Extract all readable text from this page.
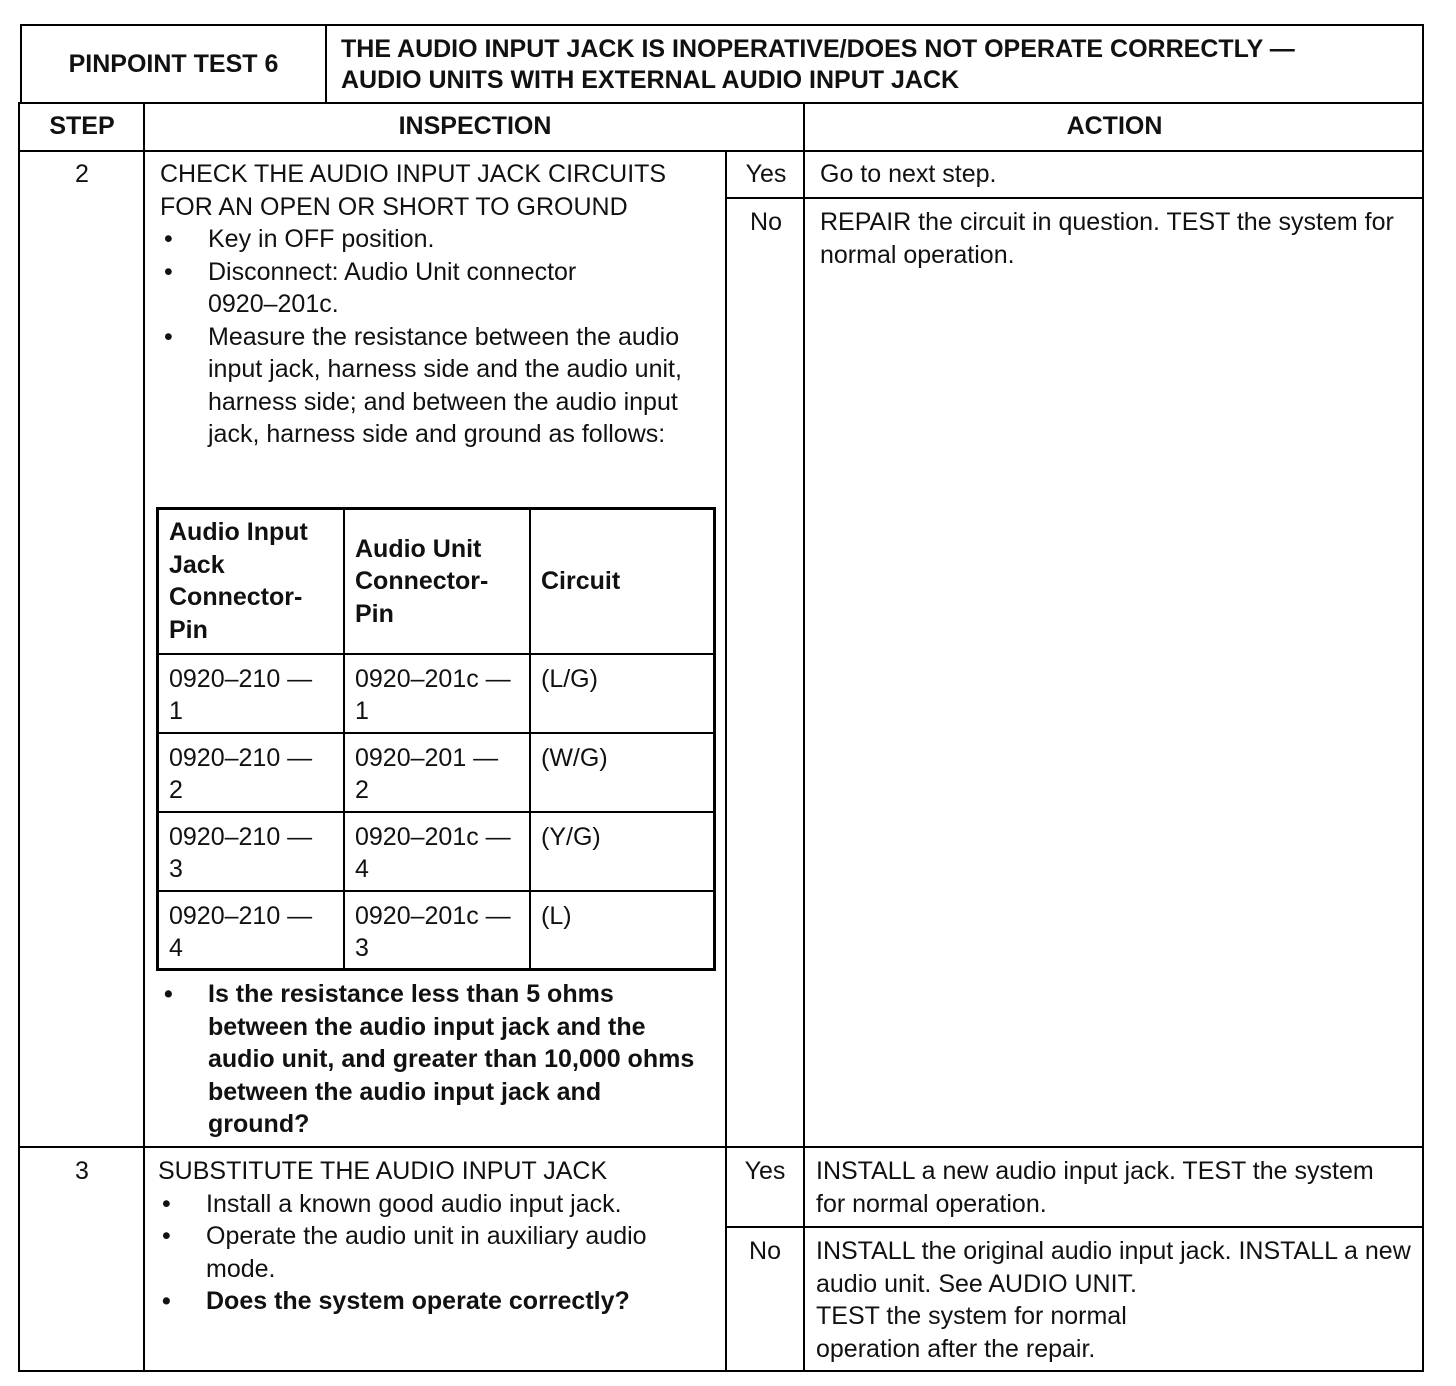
PINPOINT TEST 6
THE AUDIO INPUT JACK IS INOPERATIVE/DOES NOT OPERATE CORRECTLY —
AUDIO UNITS WITH EXTERNAL AUDIO INPUT JACK
STEP	INSPECTION	ACTION
2	CHECK THE AUDIO INPUT JACK CIRCUITS
FOR AN OPEN OR SHORT TO GROUND
• Key in OFF position.
• Disconnect: Audio Unit connector 0920–201c.
• Measure the resistance between the audio input jack, harness side and the audio unit, harness side; and between the audio input jack, harness side and ground as follows:
Audio Input Jack Connector-Pin	Audio Unit Connector-Pin	Circuit
0920–210 — 1	0920–201c — 1	(L/G)
0920–210 — 2	0920–201 — 2	(W/G)
0920–210 — 3	0920–201c — 4	(Y/G)
0920–210 — 4	0920–201c — 3	(L)
• Is the resistance less than 5 ohms between the audio input jack and the audio unit, and greater than 10,000 ohms between the audio input jack and ground?
Yes	Go to next step.
No	REPAIR the circuit in question. TEST the system for normal operation.
3	SUBSTITUTE THE AUDIO INPUT JACK
• Install a known good audio input jack.
• Operate the audio unit in auxiliary audio mode.
• Does the system operate correctly?
Yes	INSTALL a new audio input jack. TEST the system for normal operation.
No	INSTALL the original audio input jack. INSTALL a new audio unit. See AUDIO UNIT.
TEST the system for normal operation after the repair.
